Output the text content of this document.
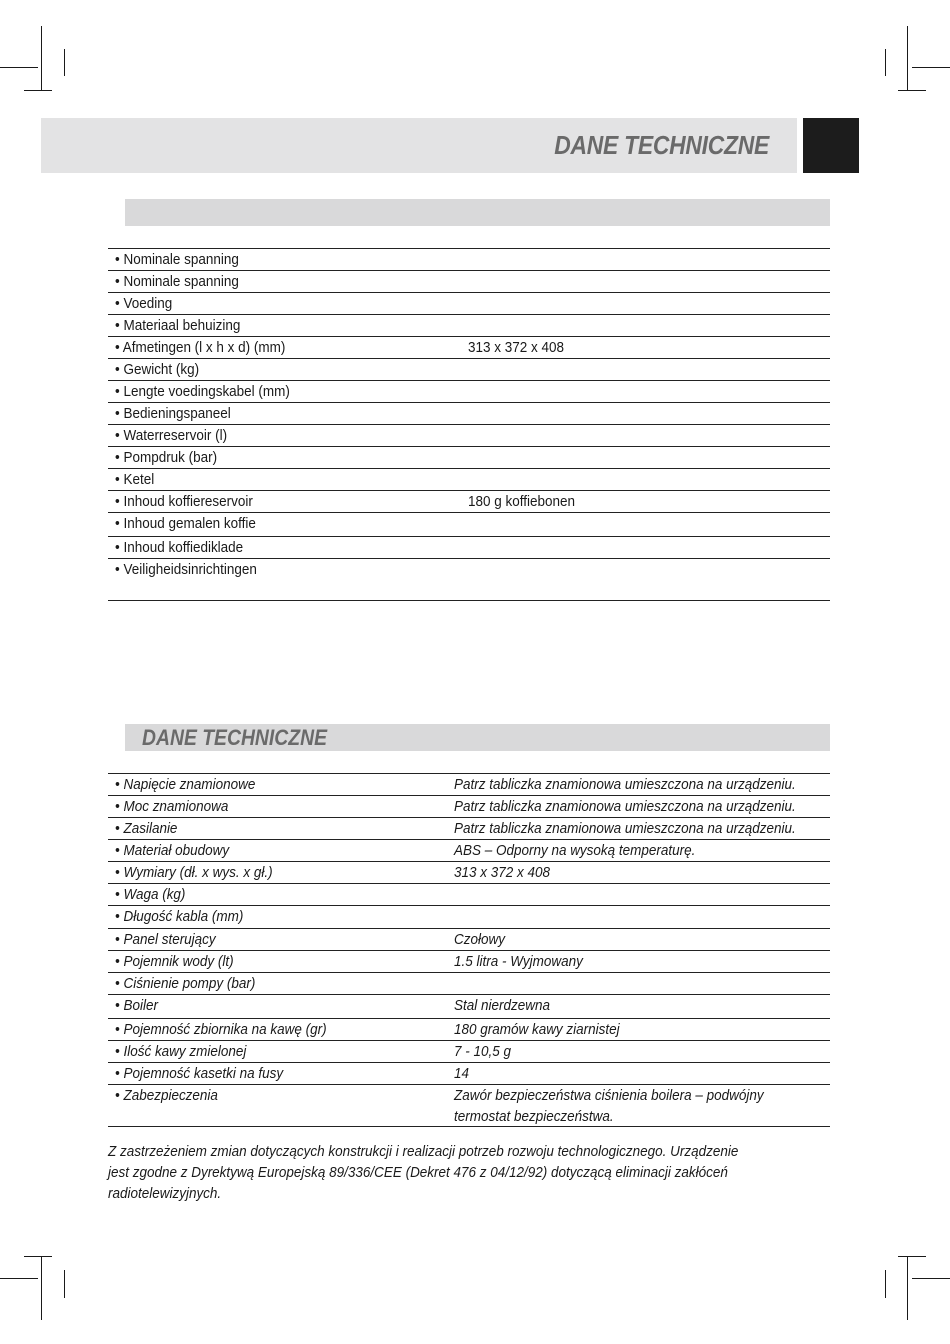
DANE TECHNICZNE
• Nominale spanning
• Nominale spanning
• Voeding
• Materiaal behuizing
• Afmetingen (l x h x d) (mm)	313 x 372 x 408
• Gewicht (kg)
• Lengte voedingskabel (mm)
• Bedieningspaneel
• Waterreservoir (l)
• Pompdruk (bar)
• Ketel
• Inhoud koffiereservoir	180 g koffiebonen
• Inhoud gemalen koffie
• Inhoud koffiediklade
• Veiligheidsinrichtingen
DANE TECHNICZNE
• Napięcie znamionowe	Patrz tabliczka znamionowa umieszczona na urządzeniu.
• Moc znamionowa	Patrz tabliczka znamionowa umieszczona na urządzeniu.
• Zasilanie	Patrz tabliczka znamionowa umieszczona na urządzeniu.
• Materiał obudowy	ABS – Odporny na wysoką temperaturę.
• Wymiary (dł. x wys. x gł.)	313 x 372 x 408
• Waga (kg)
• Długość kabla (mm)
• Panel sterujący	Czołowy
• Pojemnik wody (lt)	1.5 litra - Wyjmowany
• Ciśnienie pompy (bar)
• Boiler	Stal nierdzewna
• Pojemność zbiornika na kawę (gr)	180 gramów kawy ziarnistej
• Ilość kawy zmielonej	7 - 10,5 g
• Pojemność kasetki na fusy	14
• Zabezpieczenia	Zawór bezpieczeństwa ciśnienia boilera – podwójny
termostat bezpieczeństwa.
Z zastrzeżeniem zmian dotyczących konstrukcji i realizacji potrzeb rozwoju technologicznego. Urządzenie
jest zgodne z Dyrektywą Europejską 89/336/CEE (Dekret 476 z 04/12/92) dotyczącą eliminacji zakłóceń
radiotelewizyjnych.
